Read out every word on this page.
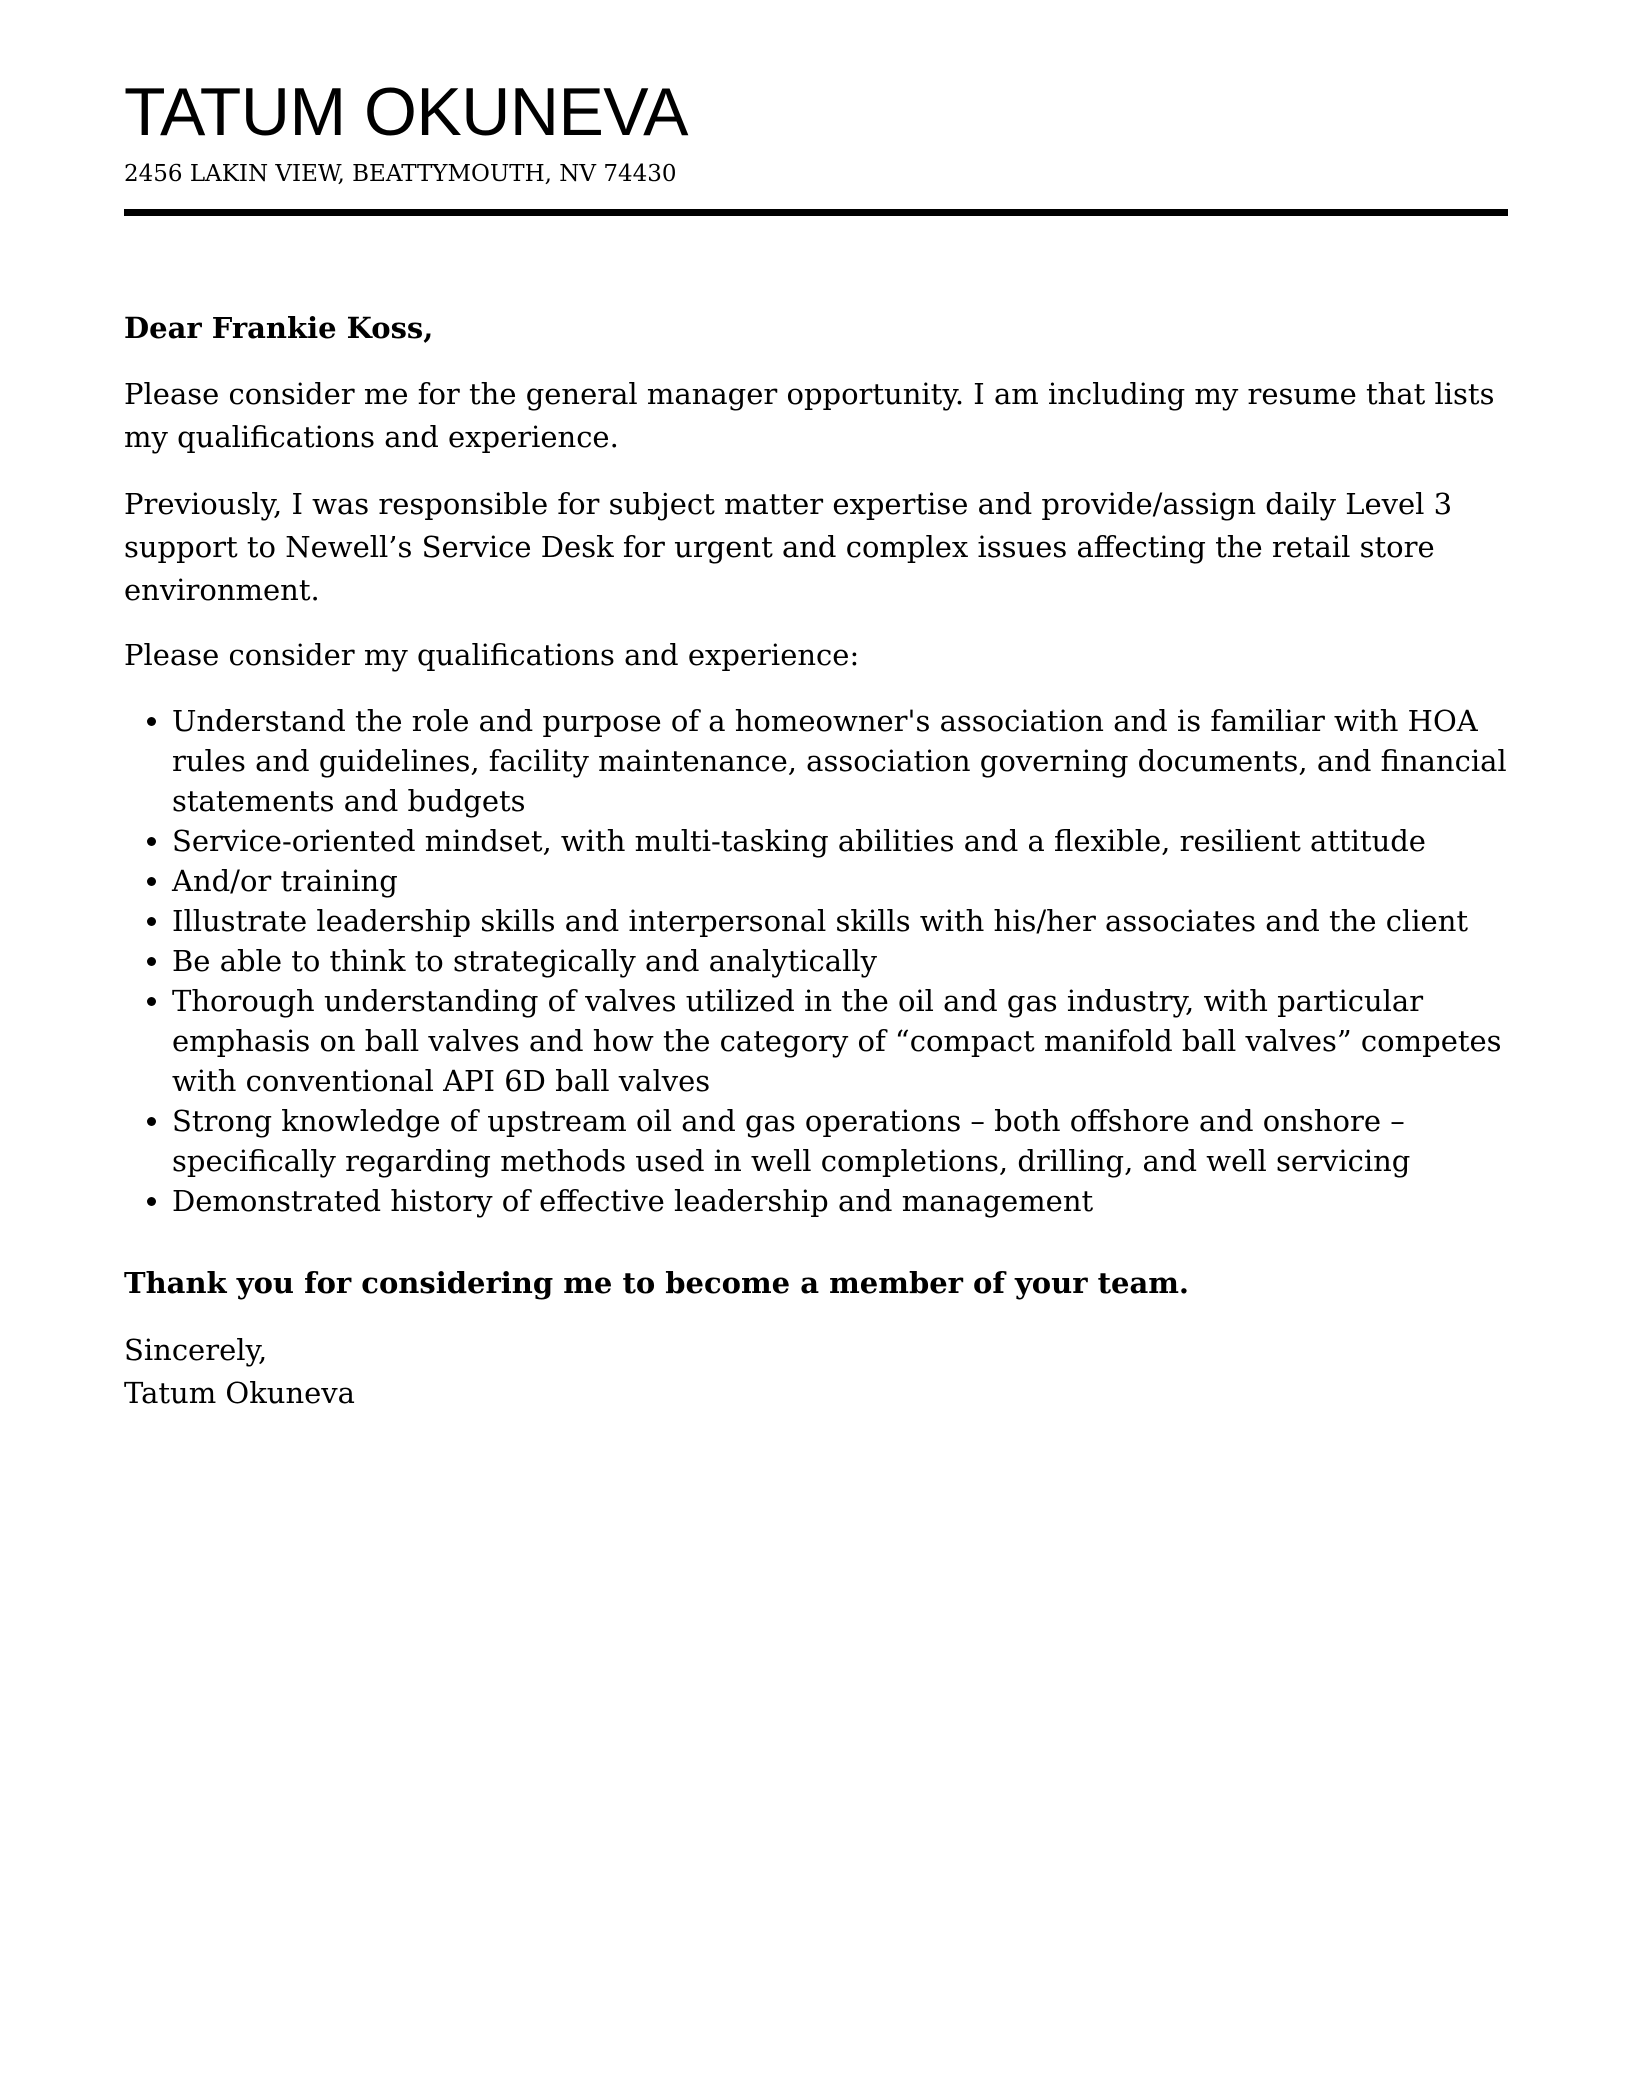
TATUM OKUNEVA
2456 LAKIN VIEW, BEATTYMOUTH, NV 74430
Dear Frankie Koss,

Please consider me for the general manager opportunity. I am including my resume that lists my qualifications and experience.

Previously, I was responsible for subject matter expertise and provide/assign daily Level 3 support to Newell’s Service Desk for urgent and complex issues affecting the retail store environment.

Please consider my qualifications and experience:

• Understand the role and purpose of a homeowner's association and is familiar with HOA rules and guidelines, facility maintenance, association governing documents, and financial statements and budgets
• Service-oriented mindset, with multi-tasking abilities and a flexible, resilient attitude
• And/or training
• Illustrate leadership skills and interpersonal skills with his/her associates and the client
• Be able to think to strategically and analytically
• Thorough understanding of valves utilized in the oil and gas industry, with particular emphasis on ball valves and how the category of “compact manifold ball valves” competes with conventional API 6D ball valves
• Strong knowledge of upstream oil and gas operations – both offshore and onshore – specifically regarding methods used in well completions, drilling, and well servicing
• Demonstrated history of effective leadership and management
Thank you for considering me to become a member of your team.
Sincerely,
Tatum Okuneva
